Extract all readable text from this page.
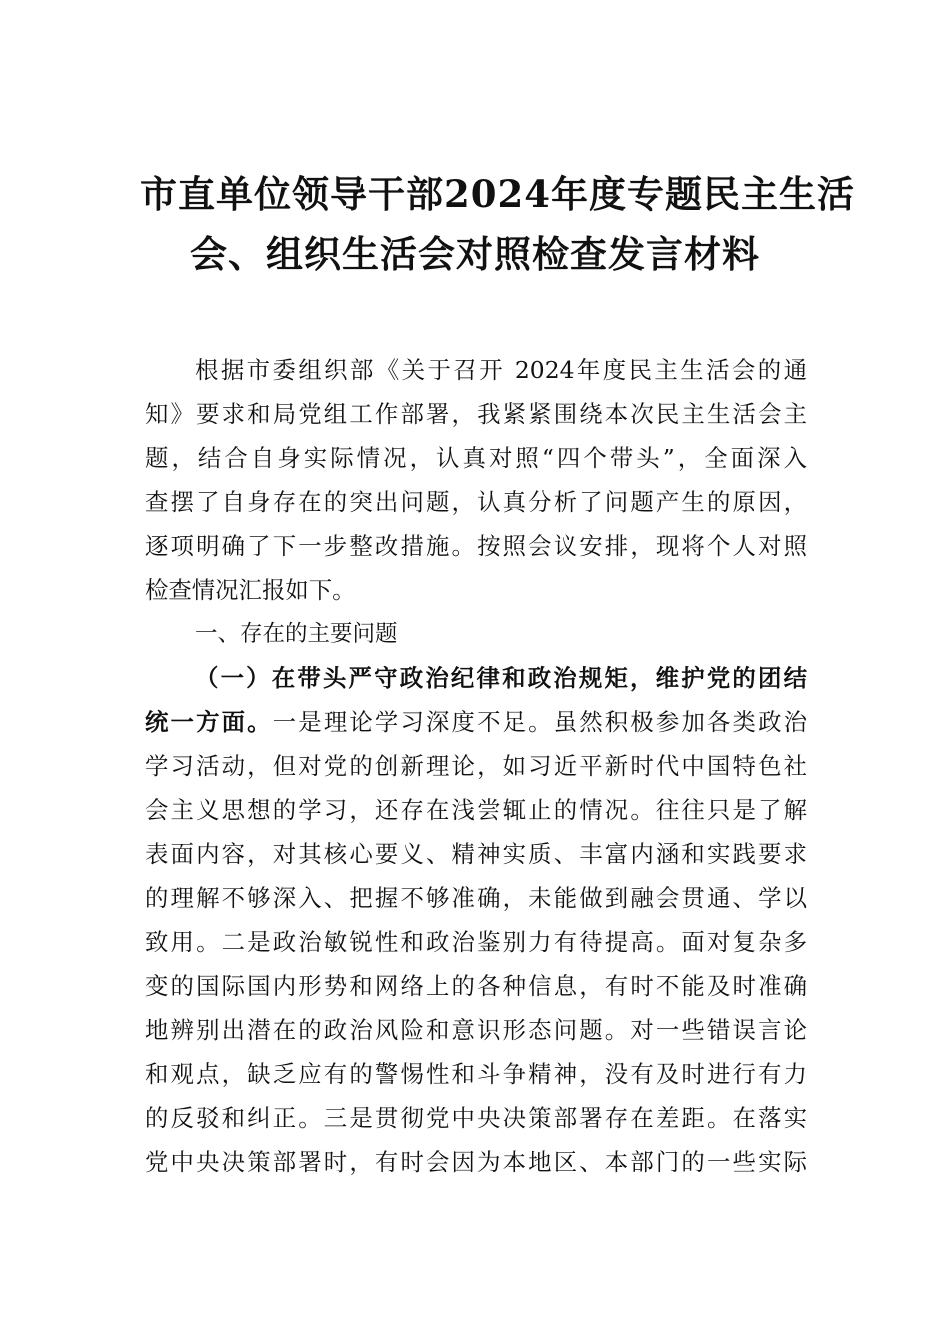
市直单位领导干部2024年度专题民主生活
会、组织生活会对照检查发言材料
根据市委组织部《关于召开 2024年度民主生活会的通
知》要求和局党组工作部署，我紧紧围绕本次民主生活会主
题，结合自身实际情况，认真对照“四个带头”，全面深入
查摆了自身存在的突出问题，认真分析了问题产生的原因，
逐项明确了下一步整改措施。按照会议安排，现将个人对照
检查情况汇报如下。
一、存在的主要问题
（一）在带头严守政治纪律和政治规矩，维护党的团结
统一方面。一是理论学习深度不足。虽然积极参加各类政治
学习活动，但对党的创新理论，如习近平新时代中国特色社
会主义思想的学习，还存在浅尝辄止的情况。往往只是了解
表面内容，对其核心要义、精神实质、丰富内涵和实践要求
的理解不够深入、把握不够准确，未能做到融会贯通、学以
致用。二是政治敏锐性和政治鉴别力有待提高。面对复杂多
变的国际国内形势和网络上的各种信息，有时不能及时准确
地辨别出潜在的政治风险和意识形态问题。对一些错误言论
和观点，缺乏应有的警惕性和斗争精神，没有及时进行有力
的反驳和纠正。三是贯彻党中央决策部署存在差距。在落实
党中央决策部署时，有时会因为本地区、本部门的一些实际
